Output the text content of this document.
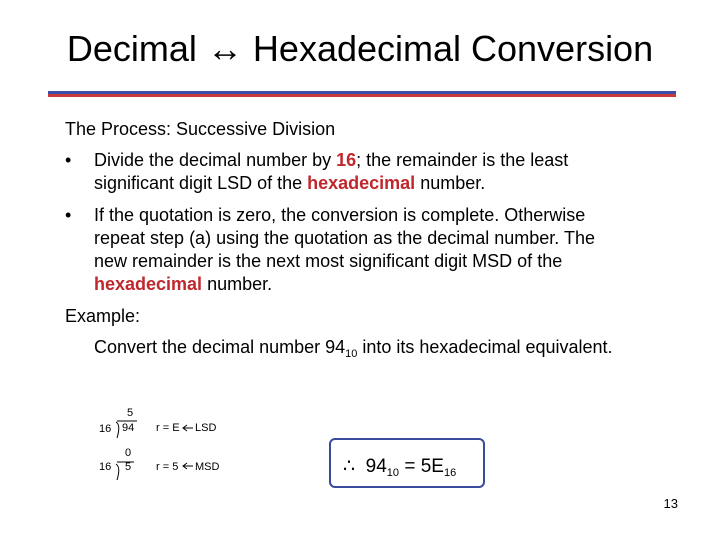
Decimal ↔ Hexadecimal Conversion
The Process: Successive Division
• Divide the decimal number by 16; the remainder is the least
significant digit LSD of the hexadecimal number.
• If the quotation is zero, the conversion is complete. Otherwise
repeat step (a) using the quotation as the decimal number. The
new remainder is the next most significant digit MSD of the
hexadecimal number.
Example:
Convert the decimal number $94_{10}$ into its hexadecimal equivalent.
5
16 94 r = E LSD
0
16 5 r = 5 MSD	∴ $94_{10} = 5E_{16}$
13
